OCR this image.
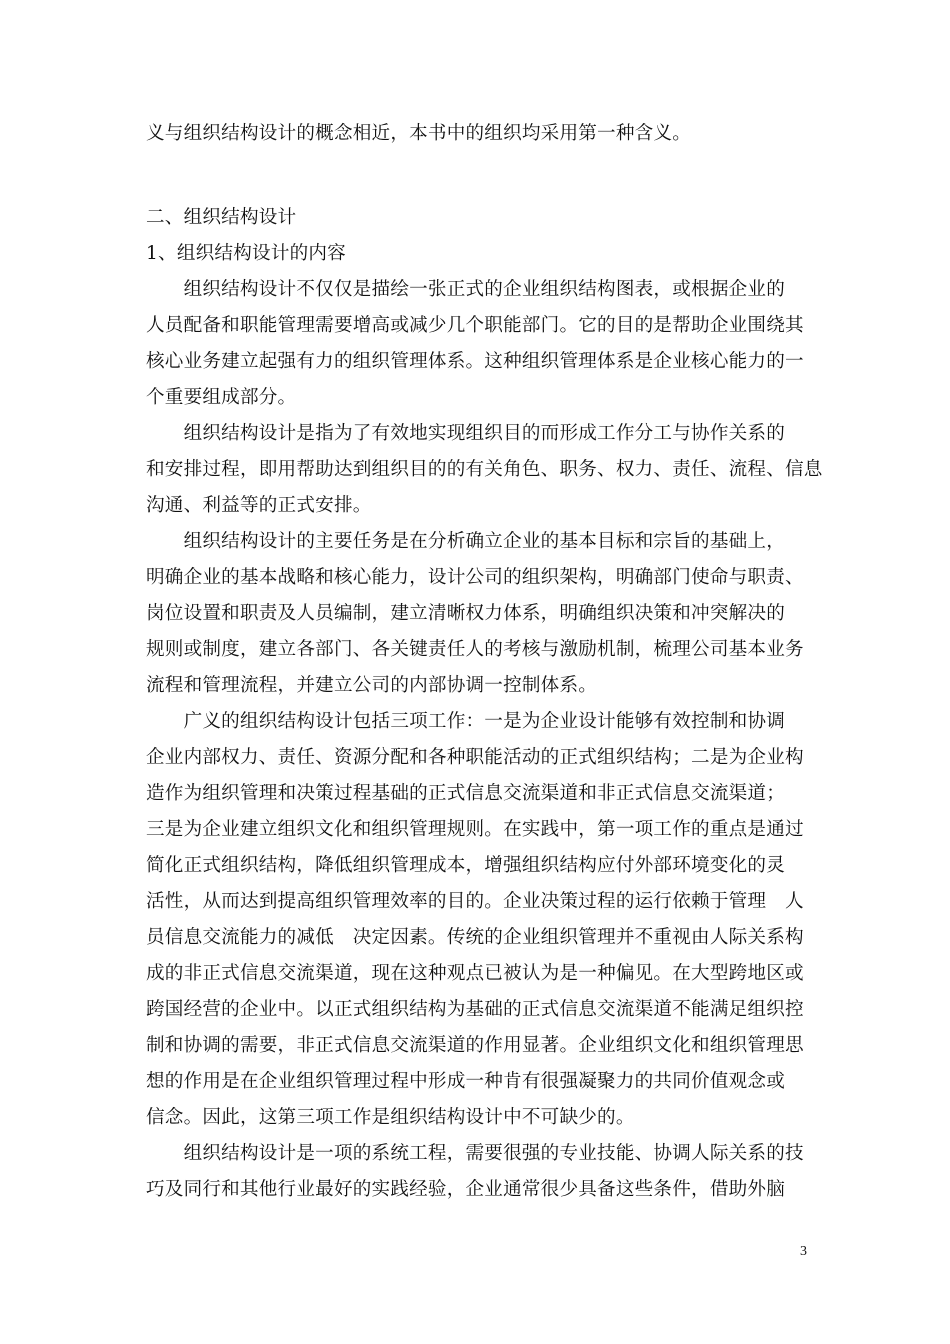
义与组织结构设计的概念相近，本书中的组织均采用第一种含义。
二、组织结构设计
1、组织结构设计的内容
　　组织结构设计不仅仅是描绘一张正式的企业组织结构图表，或根据企业的
人员配备和职能管理需要增高或减少几个职能部门。它的目的是帮助企业围绕其
核心业务建立起强有力的组织管理体系。这种组织管理体系是企业核心能力的一
个重要组成部分。
　　组织结构设计是指为了有效地实现组织目的而形成工作分工与协作关系的
和安排过程，即用帮助达到组织目的的有关角色、职务、权力、责任、流程、信息
沟通、利益等的正式安排。
　　组织结构设计的主要任务是在分析确立企业的基本目标和宗旨的基础上，
明确企业的基本战略和核心能力，设计公司的组织架构，明确部门使命与职责、
岗位设置和职责及人员编制，建立清晰权力体系，明确组织决策和冲突解决的
规则或制度，建立各部门、各关键责任人的考核与激励机制，梳理公司基本业务
流程和管理流程，并建立公司的内部协调一控制体系。
　　广义的组织结构设计包括三项工作：一是为企业设计能够有效控制和协调
企业内部权力、责任、资源分配和各种职能活动的正式组织结构；二是为企业构
造作为组织管理和决策过程基础的正式信息交流渠道和非正式信息交流渠道；
三是为企业建立组织文化和组织管理规则。在实践中，第一项工作的重点是通过
简化正式组织结构，降低组织管理成本，增强组织结构应付外部环境变化的灵
活性，从而达到提高组织管理效率的目的。企业决策过程的运行依赖于管理　人
员信息交流能力的减低　决定因素。传统的企业组织管理并不重视由人际关系构
成的非正式信息交流渠道，现在这种观点已被认为是一种偏见。在大型跨地区或
跨国经营的企业中。以正式组织结构为基础的正式信息交流渠道不能满足组织控
制和协调的需要，非正式信息交流渠道的作用显著。企业组织文化和组织管理思
想的作用是在企业组织管理过程中形成一种肯有很强凝聚力的共同价值观念或
信念。因此，这第三项工作是组织结构设计中不可缺少的。
　　组织结构设计是一项的系统工程，需要很强的专业技能、协调人际关系的技
巧及同行和其他行业最好的实践经验，企业通常很少具备这些条件，借助外脑
3
